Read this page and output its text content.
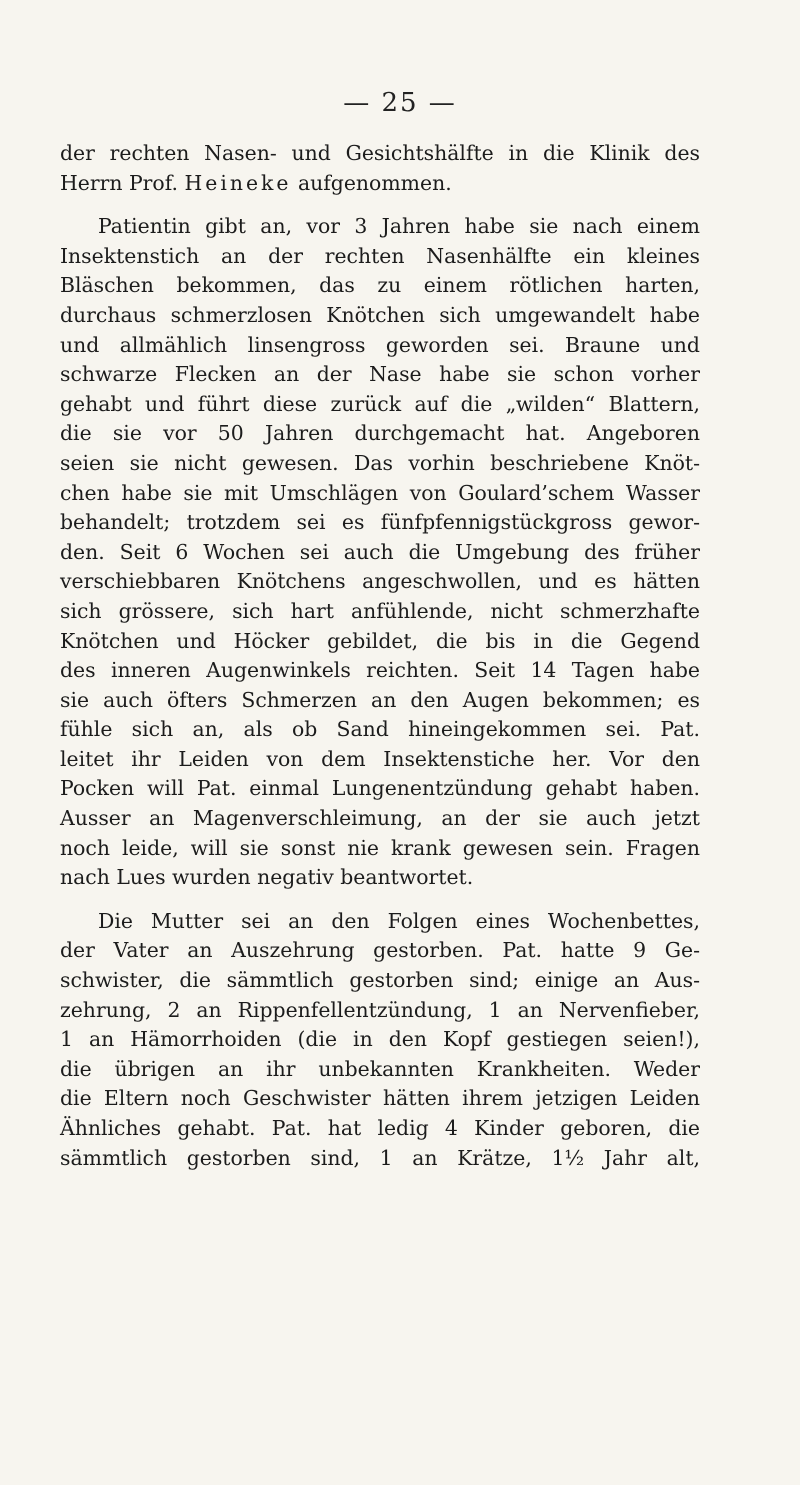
— 25 —
der rechten Nasen- und Gesichtshälfte in die Klinik des
Herrn Prof. Heineke aufgenommen.
Patientin gibt an, vor 3 Jahren habe sie nach einem
Insektenstich an der rechten Nasenhälfte ein kleines
Bläschen bekommen, das zu einem rötlichen harten,
durchaus schmerzlosen Knötchen sich umgewandelt habe
und allmählich linsengross geworden sei. Braune und
schwarze Flecken an der Nase habe sie schon vorher
gehabt und führt diese zurück auf die „wilden“ Blattern,
die sie vor 50 Jahren durchgemacht hat. Angeboren
seien sie nicht gewesen. Das vorhin beschriebene Knöt-
chen habe sie mit Umschlägen von Goulard’schem Wasser
behandelt; trotzdem sei es fünfpfennigstückgross gewor-
den. Seit 6 Wochen sei auch die Umgebung des früher
verschiebbaren Knötchens angeschwollen, und es hätten
sich grössere, sich hart anfühlende, nicht schmerzhafte
Knötchen und Höcker gebildet, die bis in die Gegend
des inneren Augenwinkels reichten. Seit 14 Tagen habe
sie auch öfters Schmerzen an den Augen bekommen; es
fühle sich an, als ob Sand hineingekommen sei. Pat.
leitet ihr Leiden von dem Insektenstiche her. Vor den
Pocken will Pat. einmal Lungenentzündung gehabt haben.
Ausser an Magenverschleimung, an der sie auch jetzt
noch leide, will sie sonst nie krank gewesen sein. Fragen
nach Lues wurden negativ beantwortet.
Die Mutter sei an den Folgen eines Wochenbettes,
der Vater an Auszehrung gestorben. Pat. hatte 9 Ge-
schwister, die sämmtlich gestorben sind; einige an Aus-
zehrung, 2 an Rippenfellentzündung, 1 an Nervenfieber,
1 an Hämorrhoiden (die in den Kopf gestiegen seien!),
die übrigen an ihr unbekannten Krankheiten. Weder
die Eltern noch Geschwister hätten ihrem jetzigen Leiden
Ähnliches gehabt. Pat. hat ledig 4 Kinder geboren, die
sämmtlich gestorben sind, 1 an Krätze, 1½ Jahr alt,
